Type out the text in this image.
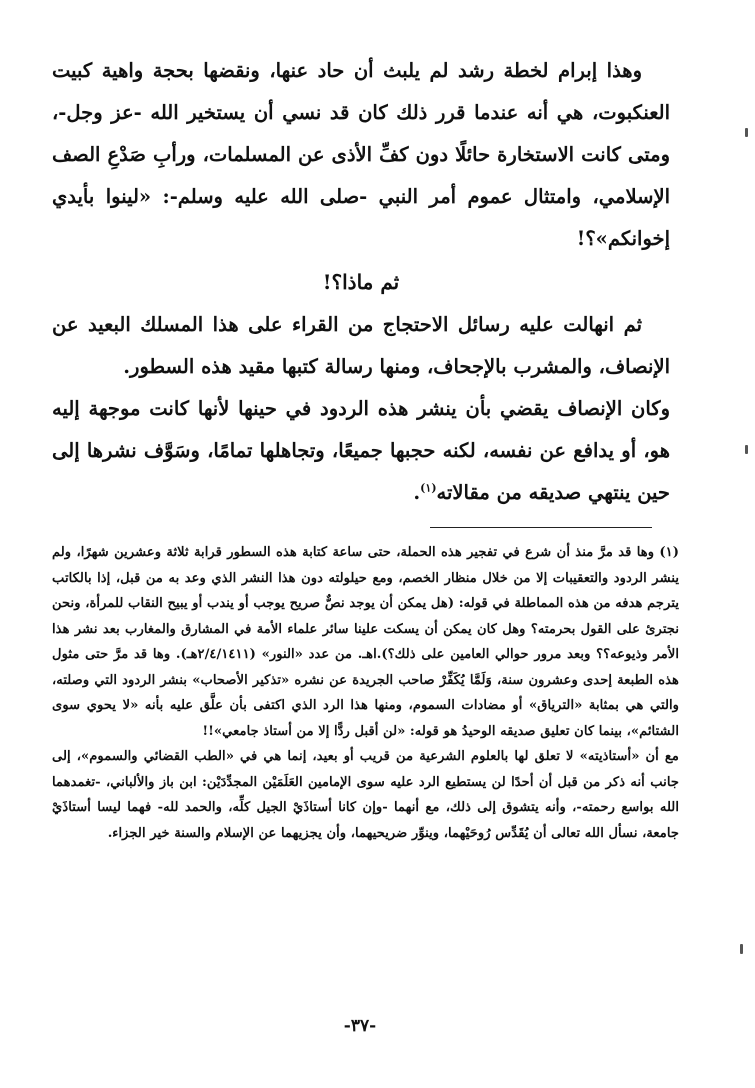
وهذا إبرام لخطة رشد لم يلبث أن حاد عنها، ونقضها بحجة واهية كبيت العنكبوت، هي أنه عندما قرر ذلك كان قد نسي أن يستخير الله -عز وجل-، ومتى كانت الاستخارة حائلًا دون كفِّ الأذى عن المسلمات، ورأبِ صَدْعِ الصف الإسلامي، وامتثال عموم أمر النبي -صلى الله عليه وسلم-: «لينوا بأيدي إخوانكم»؟!

ثم ماذا؟!

ثم انهالت عليه رسائل الاحتجاج من القراء على هذا المسلك البعيد عن الإنصاف، والمشرب بالإجحاف، ومنها رسالة كتبها مقيد هذه السطور.

وكان الإنصاف يقضي بأن ينشر هذه الردود في حينها لأنها كانت موجهة إليه هو، أو يدافع عن نفسه، لكنه حجبها جميعًا، وتجاهلها تمامًا، وسَوَّف نشرها إلى حين ينتهي صديقه من مقالاته$^{(١)}$.

(١) وها قد مرَّ منذ أن شرع في تفجير هذه الحملة، حتى ساعة كتابة هذه السطور قرابة ثلاثة وعشرين شهرًا، ولم ينشر الردود والتعقيبات إلا من خلال منظار الخصم، ومع حيلولته دون هذا النشر الذي وعد به من قبل، إذا بالكاتب يترجم هدفه من هذه المماطلة في قوله: (هل يمكن أن يوجد نصٌّ صريح يوجب أو يندب أو يبيح النقاب للمرأة، ونحن نجترئ على القول بحرمته؟ وهل كان يمكن أن يسكت علينا سائر علماء الأمة في المشارق والمغارب بعد نشر هذا الأمر وذيوعه؟؟ وبعد مرور حوالي العامين على ذلك؟).اهـ. من عدد «النور» (٢/٤/١٤١١هـ). وها قد مرَّ حتى مثول هذه الطبعة إحدى وعشرون سنة، وَلَمَّا يُكَفِّرْ صاحب الجريدة عن نشره «تذكير الأصحاب» بنشر الردود التي وصلته، والتي هي بمثابة «الترياق» أو مضادات السموم، ومنها هذا الرد الذي اكتفى بأن علَّق عليه بأنه «لا يحوي سوى الشتائم»، بينما كان تعليق صديقه الوحيدُ هو قوله: «لن أقبل ردًّا إلا من أستاذ جامعي»!!

مع أن «أستاذيته» لا تعلق لها بالعلوم الشرعية من قريب أو بعيد، إنما هي في «الطب القضائي والسموم»، إلى جانب أنه ذكر من قبل أن أحدًا لن يستطيع الرد عليه سوى الإمامين العَلَمَيْن المجدِّدَيْن: ابن باز والألباني، -تغمدهما الله بواسع رحمته-، وأنه يتشوق إلى ذلك، مع أنهما -وإن كانا أستاذَيْ الجيل كلِّه، والحمد لله- فهما ليسا أستاذَيْ جامعة، نسأل الله تعالى أن يُقَدِّس رُوحَيْهما، وينوِّر ضريحيهما، وأن يجزيهما عن الإسلام والسنة خير الجزاء.

-٣٧-
